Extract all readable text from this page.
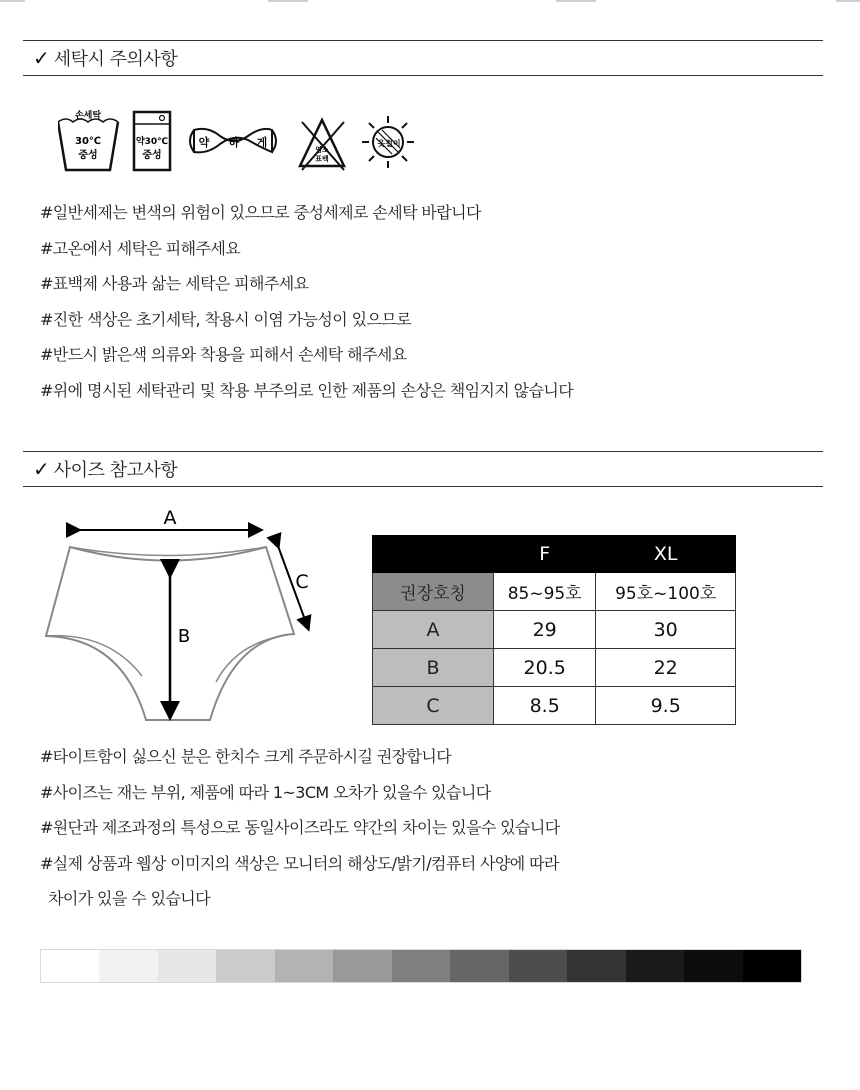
✓ 세탁시 주의사항
손세탁
30℃
중성
약30℃
중성
약 하 게
염소
표백
옷걸이
#일반세제는 변색의 위험이 있으므로 중성세제로 손세탁 바랍니다
#고온에서 세탁은 피해주세요
#표백제 사용과 삶는 세탁은 피해주세요
#진한 색상은 초기세탁, 착용시 이염 가능성이 있으므로
#반드시 밝은색 의류와 착용을 피해서 손세탁 해주세요
#위에 명시된 세탁관리 및 착용 부주의로 인한 제품의 손상은 책임지지 않습니다
✓ 사이즈 참고사항
A
B
C
	F	XL
권장호칭	85~95호	95호~100호
A	29	30
B	20.5	22
C	8.5	9.5
#타이트함이 싫으신 분은 한치수 크게 주문하시길 권장합니다
#사이즈는 재는 부위, 제품에 따라 1~3CM 오차가 있을수 있습니다
#원단과 제조과정의 특성으로 동일사이즈라도 약간의 차이는 있을수 있습니다
#실제 상품과 웹상 이미지의 색상은 모니터의 해상도/밝기/컴퓨터 사양에 따라
차이가 있을 수 있습니다
